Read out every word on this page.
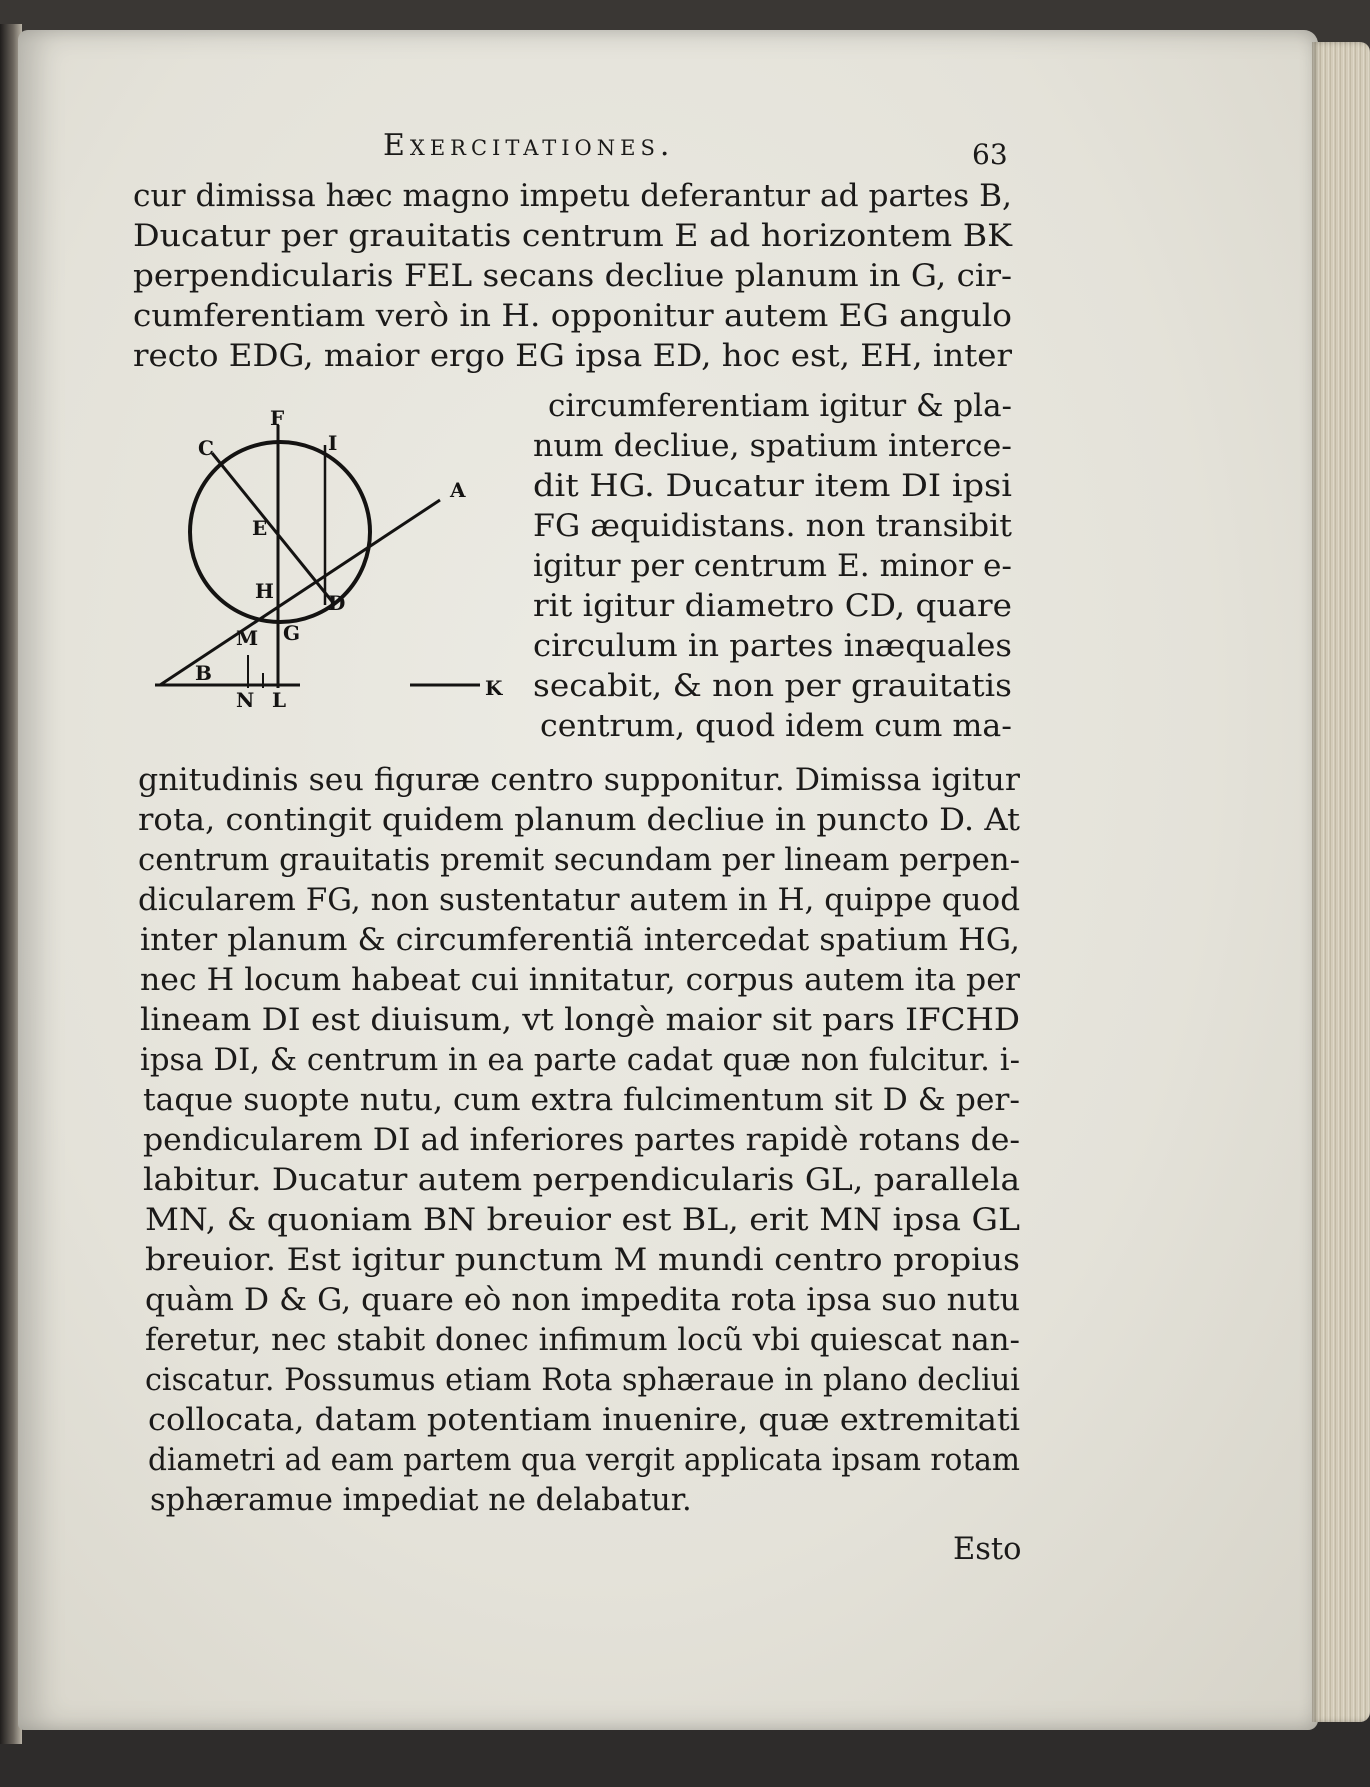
Exercitationes.	63
cur dimissa hæc magno impetu deferantur ad partes B,
Ducatur per grauitatis centrum E ad horizontem BK
perpendicularis FEL secans decliue planum in G, cir-
cumferentiam verò in H. opponitur autem EG angulo
recto EDG, maior ergo EG ipsa ED, hoc est, EH, inter
circumferentiam igitur & pla-
num decliue, spatium interce-
dit HG. Ducatur item DI ipsi
FG æquidistans. non transibit
igitur per centrum E. minor e-
rit igitur diametro CD, quare
circulum in partes inæquales
secabit, & non per grauitatis
centrum, quod idem cum ma-
gnitudinis seu figuræ centro supponitur. Dimissa igitur
rota, contingit quidem planum decliue in puncto D. At
centrum grauitatis premit secundam per lineam perpen-
dicularem FG, non sustentatur autem in H, quippe quod
inter planum & circumferentiã intercedat spatium HG,
nec H locum habeat cui innitatur, corpus autem ita per
lineam DI est diuisum, vt longè maior sit pars IFCHD
ipsa DI, & centrum in ea parte cadat quæ non fulcitur. i-
taque suopte nutu, cum extra fulcimentum sit D & per-
pendicularem DI ad inferiores partes rapidè rotans de-
labitur. Ducatur autem perpendicularis GL, parallela
MN, & quoniam BN breuior est BL, erit MN ipsa GL
breuior. Est igitur punctum M mundi centro propius
quàm D & G, quare eò non impedita rota ipsa suo nutu
feretur, nec stabit donec infimum locũ vbi quiescat nan-
ciscatur. Possumus etiam Rota sphæraue in plano decliui
collocata, datam potentiam inuenire, quæ extremitati
diametri ad eam partem qua vergit applicata ipsam rotam
sphæramue impediat ne delabatur.
Esto
F
I
C
A
E
H	D
M G
B
N L	K
